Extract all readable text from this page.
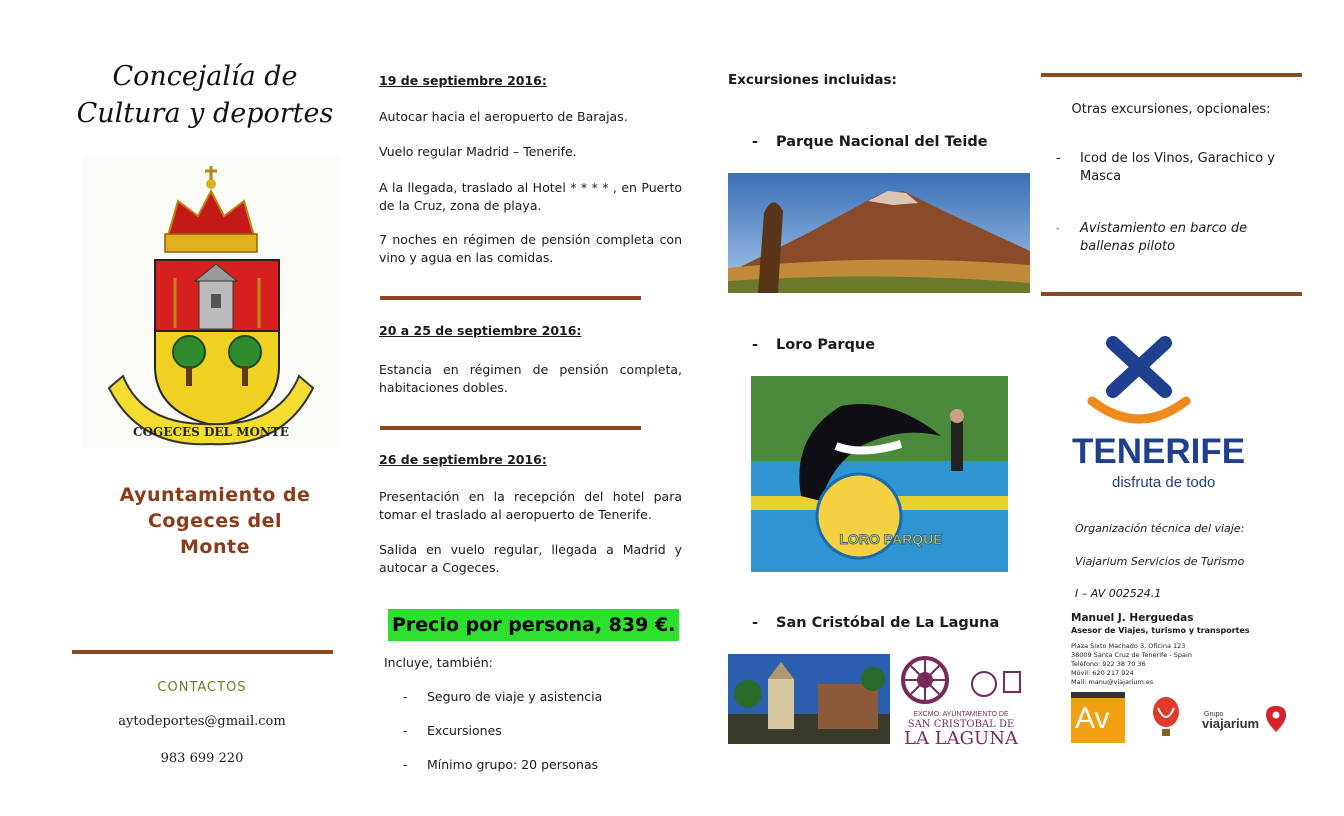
Concejalía de
Cultura y deportes
COGECES DEL MONTE
Ayuntamiento de
Cogeces del
Monte
CONTACTOS
aytodeportes@gmail.com
983 699 220
19 de septiembre 2016:
Autocar hacia el aeropuerto de Barajas.
Vuelo regular Madrid – Tenerife.
A la llegada, traslado al Hotel * * * * , en Puerto de la Cruz, zona de playa.
7 noches en régimen de pensión completa con vino y agua en las comidas.
20 a 25 de septiembre 2016:
Estancia en régimen de pensión completa, habitaciones dobles.
26 de septiembre 2016:
Presentación en la recepción del hotel para tomar el traslado al aeropuerto de Tenerife.
Salida en vuelo regular, llegada a Madrid y autocar a Cogeces.
Precio por persona, 839 €.
Incluye, también:
- Seguro de viaje y asistencia
- Excursiones
- Mínimo grupo: 20 personas
Excursiones incluidas:
- Parque Nacional del Teide
- Loro Parque
LORO PARQUE
- San Cristóbal de La Laguna
EXCMO. AYUNTAMIENTO DE
SAN CRISTOBAL DE
LA LAGUNA
Otras excursiones, opcionales:
- Icod de los Vinos, Garachico y Masca
- Avistamiento en barco de ballenas piloto
TENERIFE
disfruta de todo
Organización técnica del viaje:
Viajarium Servicios de Turismo
I – AV 002524.1
Manuel J. Herguedas
Asesor de Viajes, turismo y transportes
Plaza Sixto Machado 3, Oficina 123
38009 Santa Cruz de Tenerife - Spain
Teléfono: 922 38 70 36
Móvil: 620 217 924
Mail: manu@viajarium.es
Av	Grupo
viajarium
